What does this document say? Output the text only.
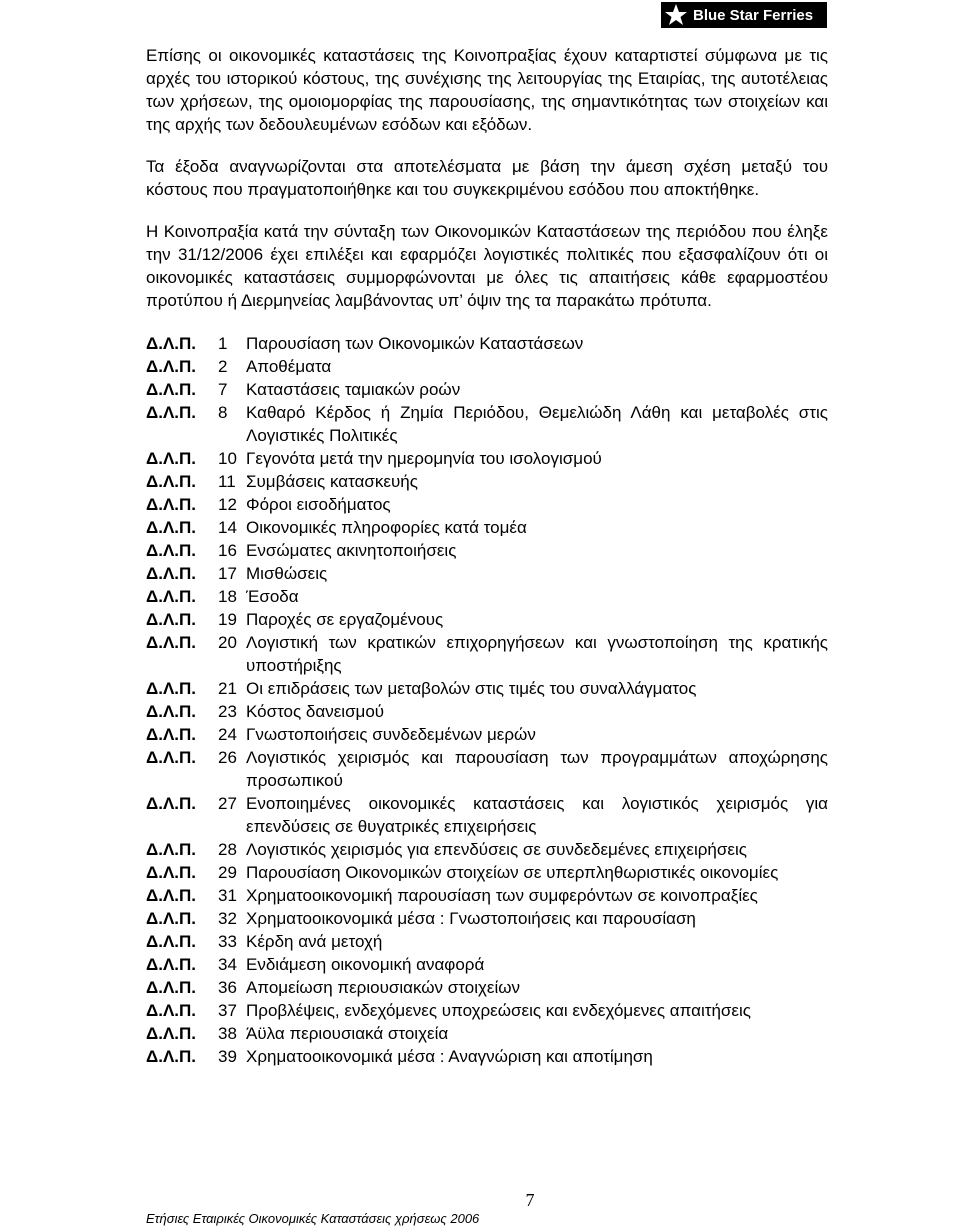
Blue Star Ferries

Επίσης οι οικονομικές καταστάσεις της Κοινοπραξίας έχουν καταρτιστεί σύμφωνα με τις αρχές του ιστορικού κόστους, της συνέχισης της λειτουργίας της Εταιρίας, της αυτοτέλειας των χρήσεων, της ομοιομορφίας της παρουσίασης, της σημαντικότητας των στοιχείων και της αρχής των δεδουλευμένων εσόδων και εξόδων.

Τα έξοδα αναγνωρίζονται στα αποτελέσματα με βάση την άμεση σχέση μεταξύ του κόστους που πραγματοποιήθηκε και του συγκεκριμένου εσόδου που αποκτήθηκε.

Η Κοινοπραξία κατά την σύνταξη των Οικονομικών Καταστάσεων της περιόδου που έληξε την 31/12/2006 έχει επιλέξει και εφαρμόζει λογιστικές πολιτικές που εξασφαλίζουν ότι οι οικονομικές καταστάσεις συμμορφώνονται με όλες τις απαιτήσεις κάθε εφαρμοστέου προτύπου ή Διερμηνείας λαμβάνοντας υπ’ όψιν της τα παρακάτω πρότυπα.

Δ.Λ.Π.	1	Παρουσίαση των Οικονομικών Καταστάσεων
Δ.Λ.Π.	2	Αποθέματα
Δ.Λ.Π.	7	Καταστάσεις ταμιακών ροών
Δ.Λ.Π.	8	Καθαρό Κέρδος ή Ζημία Περιόδου, Θεμελιώδη Λάθη και μεταβολές στις Λογιστικές Πολιτικές
Δ.Λ.Π.	10 Γεγονότα μετά την ημερομηνία του ισολογισμού
Δ.Λ.Π.	11 Συμβάσεις κατασκευής
Δ.Λ.Π.	12 Φόροι εισοδήματος
Δ.Λ.Π.	14 Οικονομικές πληροφορίες κατά τομέα
Δ.Λ.Π.	16 Ενσώματες ακινητοποιήσεις
Δ.Λ.Π.	17 Μισθώσεις
Δ.Λ.Π.	18 Έσοδα
Δ.Λ.Π.	19 Παροχές σε εργαζομένους
Δ.Λ.Π.	20 Λογιστική των κρατικών επιχορηγήσεων και γνωστοποίηση της κρατικής υποστήριξης
Δ.Λ.Π.	21 Οι επιδράσεις των μεταβολών στις τιμές του συναλλάγματος
Δ.Λ.Π.	23 Κόστος δανεισμού
Δ.Λ.Π.	24 Γνωστοποιήσεις συνδεδεμένων μερών
Δ.Λ.Π.	26 Λογιστικός χειρισμός και παρουσίαση των προγραμμάτων αποχώρησης προσωπικού
Δ.Λ.Π.	27 Ενοποιημένες οικονομικές καταστάσεις και λογιστικός χειρισμός για επενδύσεις σε θυγατρικές επιχειρήσεις
Δ.Λ.Π.	28 Λογιστικός χειρισμός για επενδύσεις σε συνδεδεμένες επιχειρήσεις
Δ.Λ.Π.	29 Παρουσίαση Οικονομικών στοιχείων σε υπερπληθωριστικές οικονομίες
Δ.Λ.Π.	31 Χρηματοοικονομική παρουσίαση των συμφερόντων σε κοινοπραξίες
Δ.Λ.Π.	32 Χρηματοοικονομικά μέσα : Γνωστοποιήσεις και παρουσίαση
Δ.Λ.Π.	33 Κέρδη ανά μετοχή
Δ.Λ.Π.	34 Ενδιάμεση οικονομική αναφορά
Δ.Λ.Π.	36 Απομείωση περιουσιακών στοιχείων
Δ.Λ.Π.	37 Προβλέψεις, ενδεχόμενες υποχρεώσεις και ενδεχόμενες απαιτήσεις
Δ.Λ.Π.	38 Άϋλα περιουσιακά στοιχεία
Δ.Λ.Π.	39 Χρηματοοικονομικά μέσα : Αναγνώριση και αποτίμηση
7
Ετήσιες Εταιρικές Οικονομικές Καταστάσεις χρήσεως 2006
